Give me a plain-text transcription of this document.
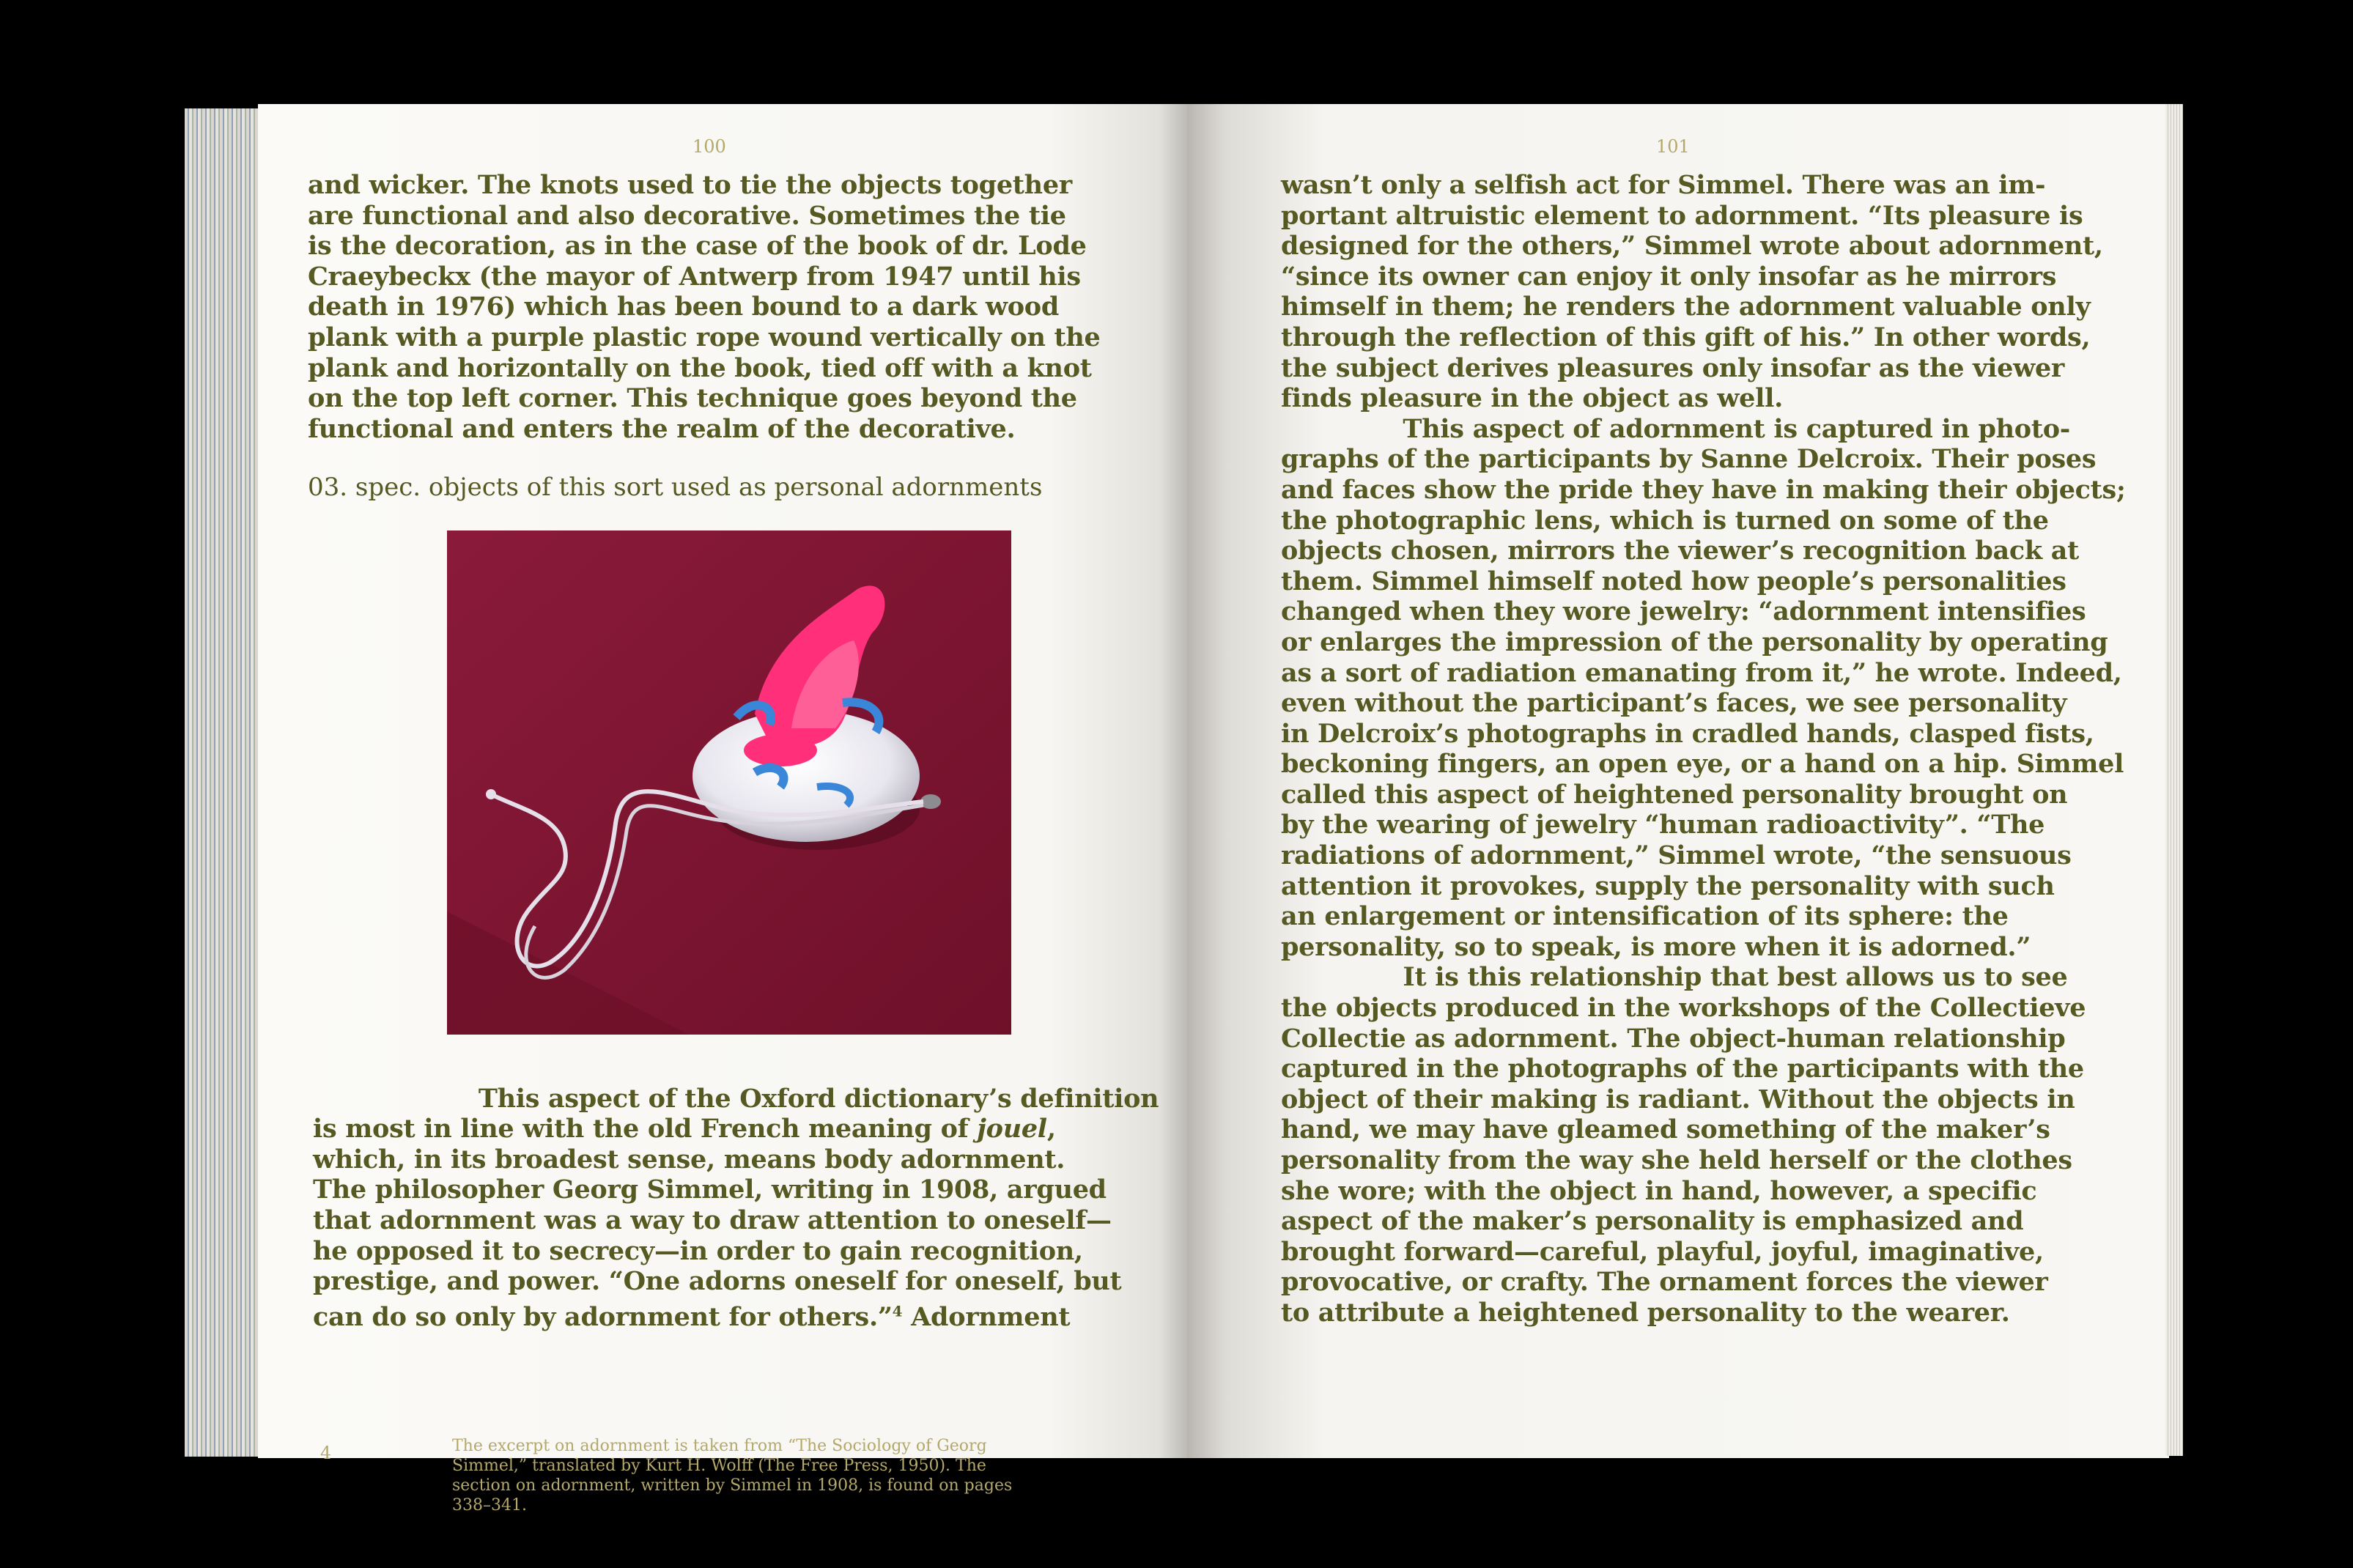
100
and wicker. The knots used to tie the objects together
are functional and also decorative. Sometimes the tie
is the decoration, as in the case of the book of dr. Lode
Craeybeckx (the mayor of Antwerp from 1947 until his
death in 1976) which has been bound to a dark wood
plank with a purple plastic rope wound vertically on the
plank and horizontally on the book, tied off with a knot
on the top left corner. This technique goes beyond the
functional and enters the realm of the decorative.
03. spec. objects of this sort used as personal adornments

This aspect of the Oxford dictionary’s definition
is most in line with the old French meaning of jouel,
which, in its broadest sense, means body adornment.
The philosopher Georg Simmel, writing in 1908, argued
that adornment was a way to draw attention to oneself—
he opposed it to secrecy—in order to gain recognition,
prestige, and power. “One adorns oneself for oneself, but
can do so only by adornment for others.”$^4$ Adornment

4	The excerpt on adornment is taken from “The Sociology of Georg
Simmel,” translated by Kurt H. Wolff (The Free Press, 1950). The
section on adornment, written by Simmel in 1908, is found on pages
338–341.
101
wasn’t only a selfish act for Simmel. There was an im-
portant altruistic element to adornment. “Its pleasure is
designed for the others,” Simmel wrote about adornment,
“since its owner can enjoy it only insofar as he mirrors
himself in them; he renders the adornment valuable only
through the reflection of this gift of his.” In other words,
the subject derives pleasures only insofar as the viewer
finds pleasure in the object as well.
This aspect of adornment is captured in photo-
graphs of the participants by Sanne Delcroix. Their poses
and faces show the pride they have in making their objects;
the photographic lens, which is turned on some of the
objects chosen, mirrors the viewer’s recognition back at
them. Simmel himself noted how people’s personalities
changed when they wore jewelry: “adornment intensifies
or enlarges the impression of the personality by operating
as a sort of radiation emanating from it,” he wrote. Indeed,
even without the participant’s faces, we see personality
in Delcroix’s photographs in cradled hands, clasped fists,
beckoning fingers, an open eye, or a hand on a hip. Simmel
called this aspect of heightened personality brought on
by the wearing of jewelry “human radioactivity”. “The
radiations of adornment,” Simmel wrote, “the sensuous
attention it provokes, supply the personality with such
an enlargement or intensification of its sphere: the
personality, so to speak, is more when it is adorned.”
It is this relationship that best allows us to see
the objects produced in the workshops of the Collectieve
Collectie as adornment. The object-human relationship
captured in the photographs of the participants with the
object of their making is radiant. Without the objects in
hand, we may have gleamed something of the maker’s
personality from the way she held herself or the clothes
she wore; with the object in hand, however, a specific
aspect of the maker’s personality is emphasized and
brought forward—careful, playful, joyful, imaginative,
provocative, or crafty. The ornament forces the viewer
to attribute a heightened personality to the wearer.
